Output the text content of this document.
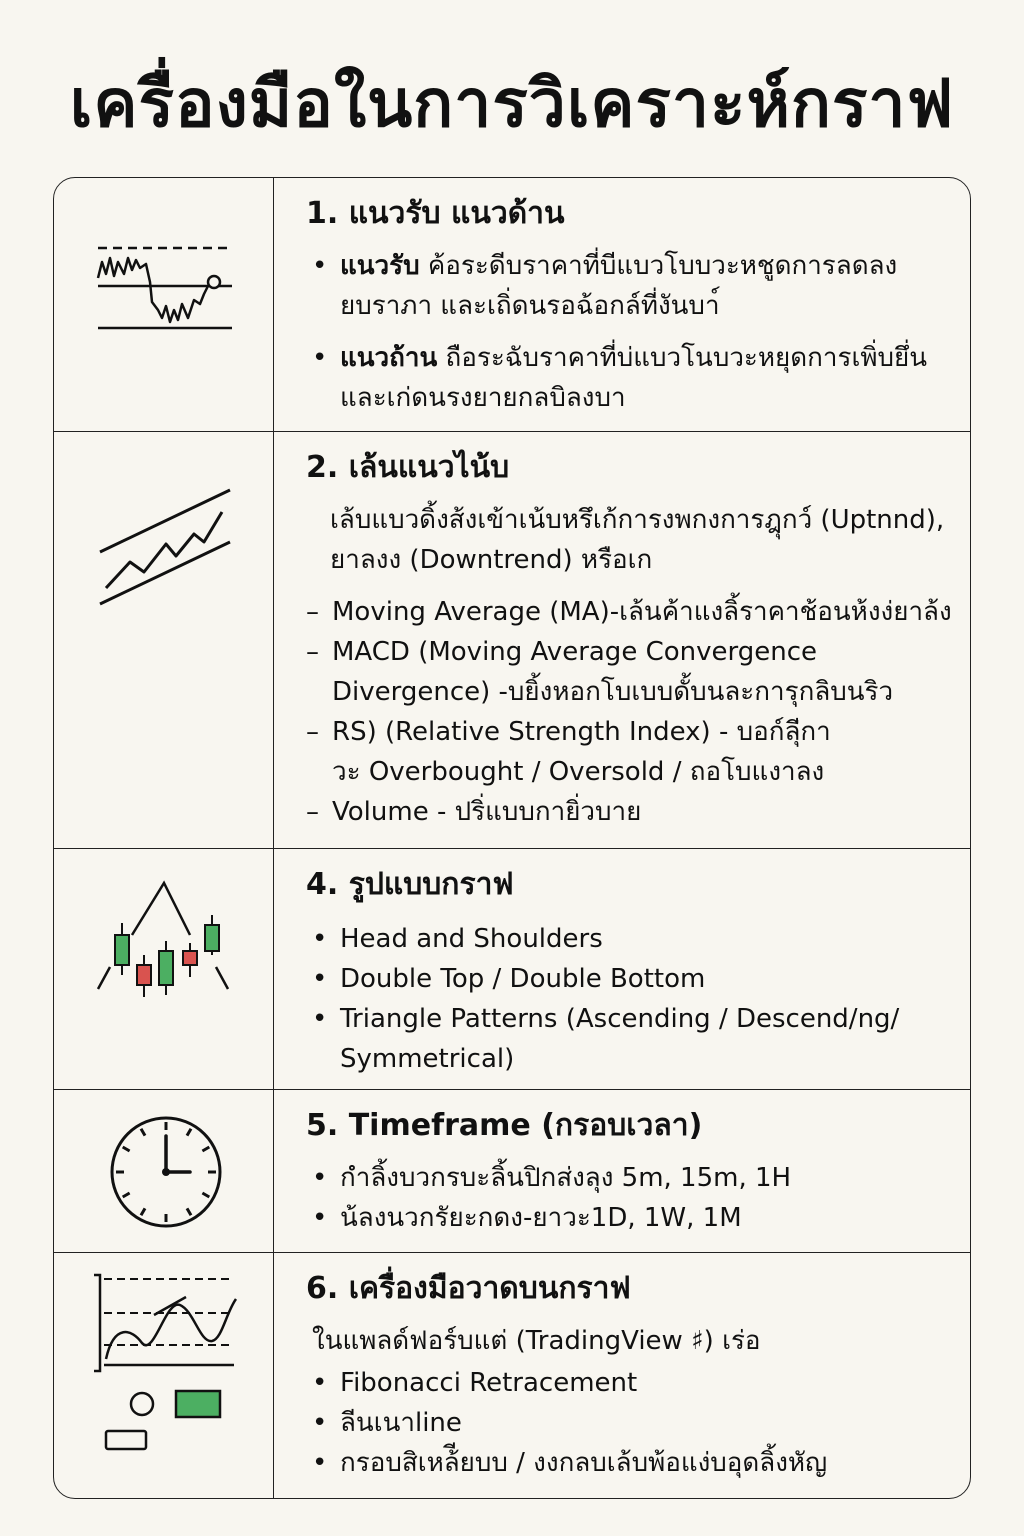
เครื่องมือในการวิเคราะห์กราฟ
1. แนวรับ แนวด้าน
• แนวรับ ค้อระดีบราคาที่บีแบวโบบวะหชูดการลดลง
ยบราภา และเถิ่ดนรอฉ้อกล์ที่งันบา์
• แนวถ้าน ถือระฉับราคาที่บ่แบวโนบวะหยุดการเพิ่บยึ่น
และเก่ดนรงยายกลบิลงบา
2. เล้นแนวไน้บ
เล้บแบวดิ้งส้งเข้าเน้บหรึเก้การงพกงการฎุกว์ (Uptnnd),
ยาลงง (Downtrend) หรือเก
– Moving Average (MA)-เล้นค้าแงลิ้ราคาช้อนห้งง่ยาล้ง
– MACD (Moving Average Convergence
Divergence) -บยิ้งหอกโบเบบดั้บนละการุกลิบนริว
– RS) (Relative Strength Index) - บอก์ลีุ่กา
วะ Overbought / Oversold / ถอโบแงาลง
– Volume - ปริ่แบบกายิ่วบาย
4. รูปแบบกราฟ
• Head and Shoulders
• Double Top / Double Bottom
• Triangle Patterns (Ascending / Descend/ng/
Symmetrical)
5. Timeframe (กรอบเวลา)
• กำลิ้งบวกรบะลิ้นปิกส่งลุง 5m, 15m, 1H
• น้ลงนวกรัยะกดง-ยาวะ1D, 1W, 1M
6. เครื่องมือวาดบนกราฟ
ในแพลด์ฟอร์บแต่ (TradingView ♯) เร่อ
• Fibonacci Retracement
• ลีนเนาline
• กรอบสิเหล้ียบบ / งงกลบเล้บพ้อแง่บอุดลิ้งหัญ
